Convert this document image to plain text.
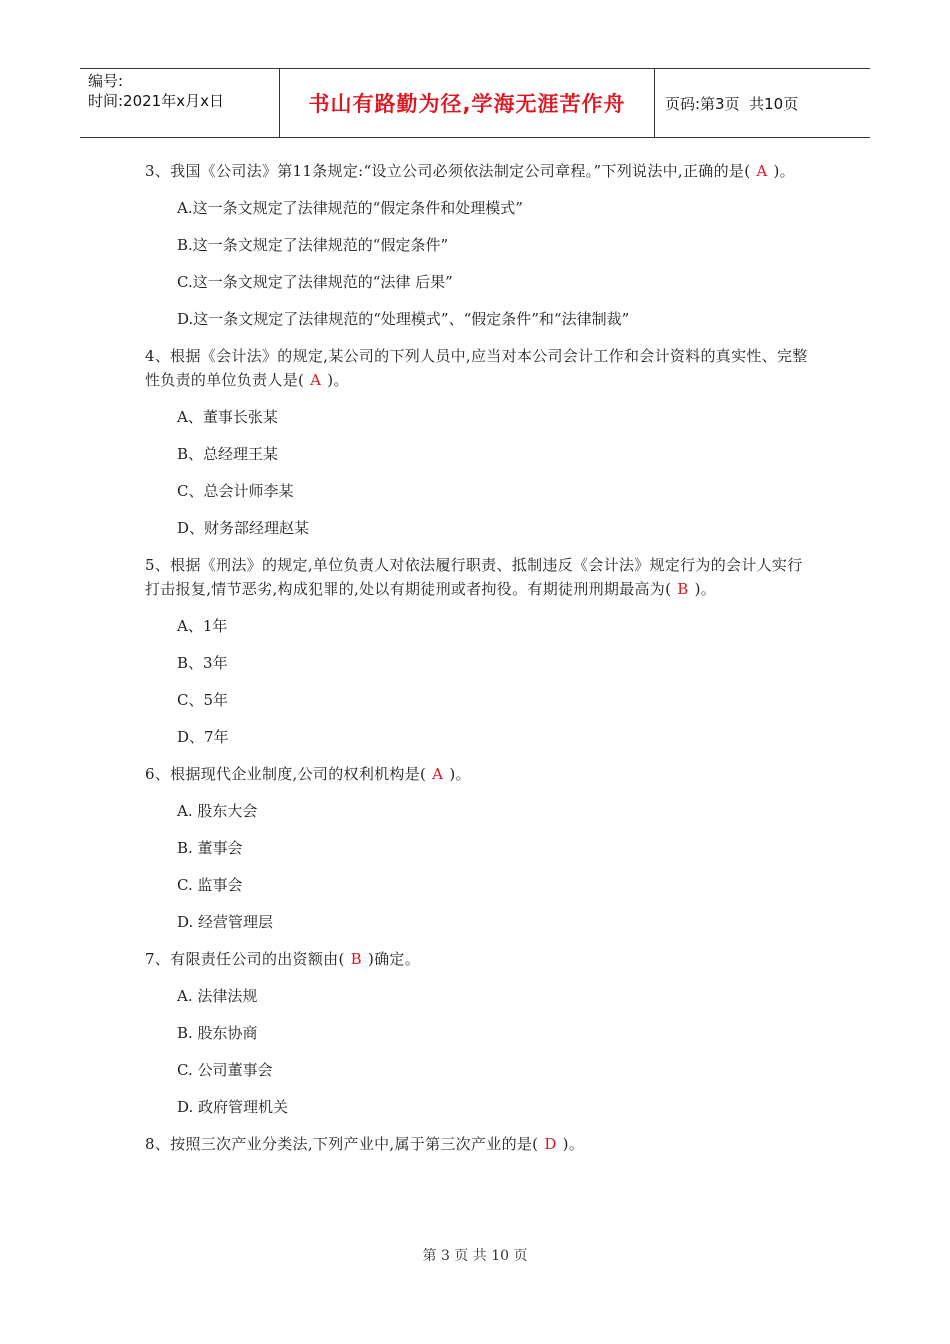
编号:
时间:2021年x月x日	书山有路勤为径,学海无涯苦作舟	页码:第3页  共10页
3、我国《公司法》第11条规定:“设立公司必须依法制定公司章程。”下列说法中,正确的是( A )。
A.这一条文规定了法律规范的“假定条件和处理模式”
B.这一条文规定了法律规范的“假定条件”
C.这一条文规定了法律规范的“法律 后果”
D.这一条文规定了法律规范的“处理模式”、“假定条件”和“法律制裁”
4、根据《会计法》的规定,某公司的下列人员中,应当对本公司会计工作和会计资料的真实性、完整性负责的单位负责人是( A )。
A、董事长张某
B、总经理王某
C、总会计师李某
D、财务部经理赵某
5、根据《刑法》的规定,单位负责人对依法履行职责、抵制违反《会计法》规定行为的会计人实行打击报复,情节恶劣,构成犯罪的,处以有期徒刑或者拘役。有期徒刑刑期最高为( B )。
A、1年
B、3年
C、5年
D、7年
6、根据现代企业制度,公司的权利机构是( A )。
A. 股东大会
B. 董事会
C. 监事会
D. 经营管理层
7、有限责任公司的出资额由( B )确定。
A. 法律法规
B. 股东协商
C. 公司董事会
D. 政府管理机关
8、按照三次产业分类法,下列产业中,属于第三次产业的是( D )。
第 3 页 共 10 页
